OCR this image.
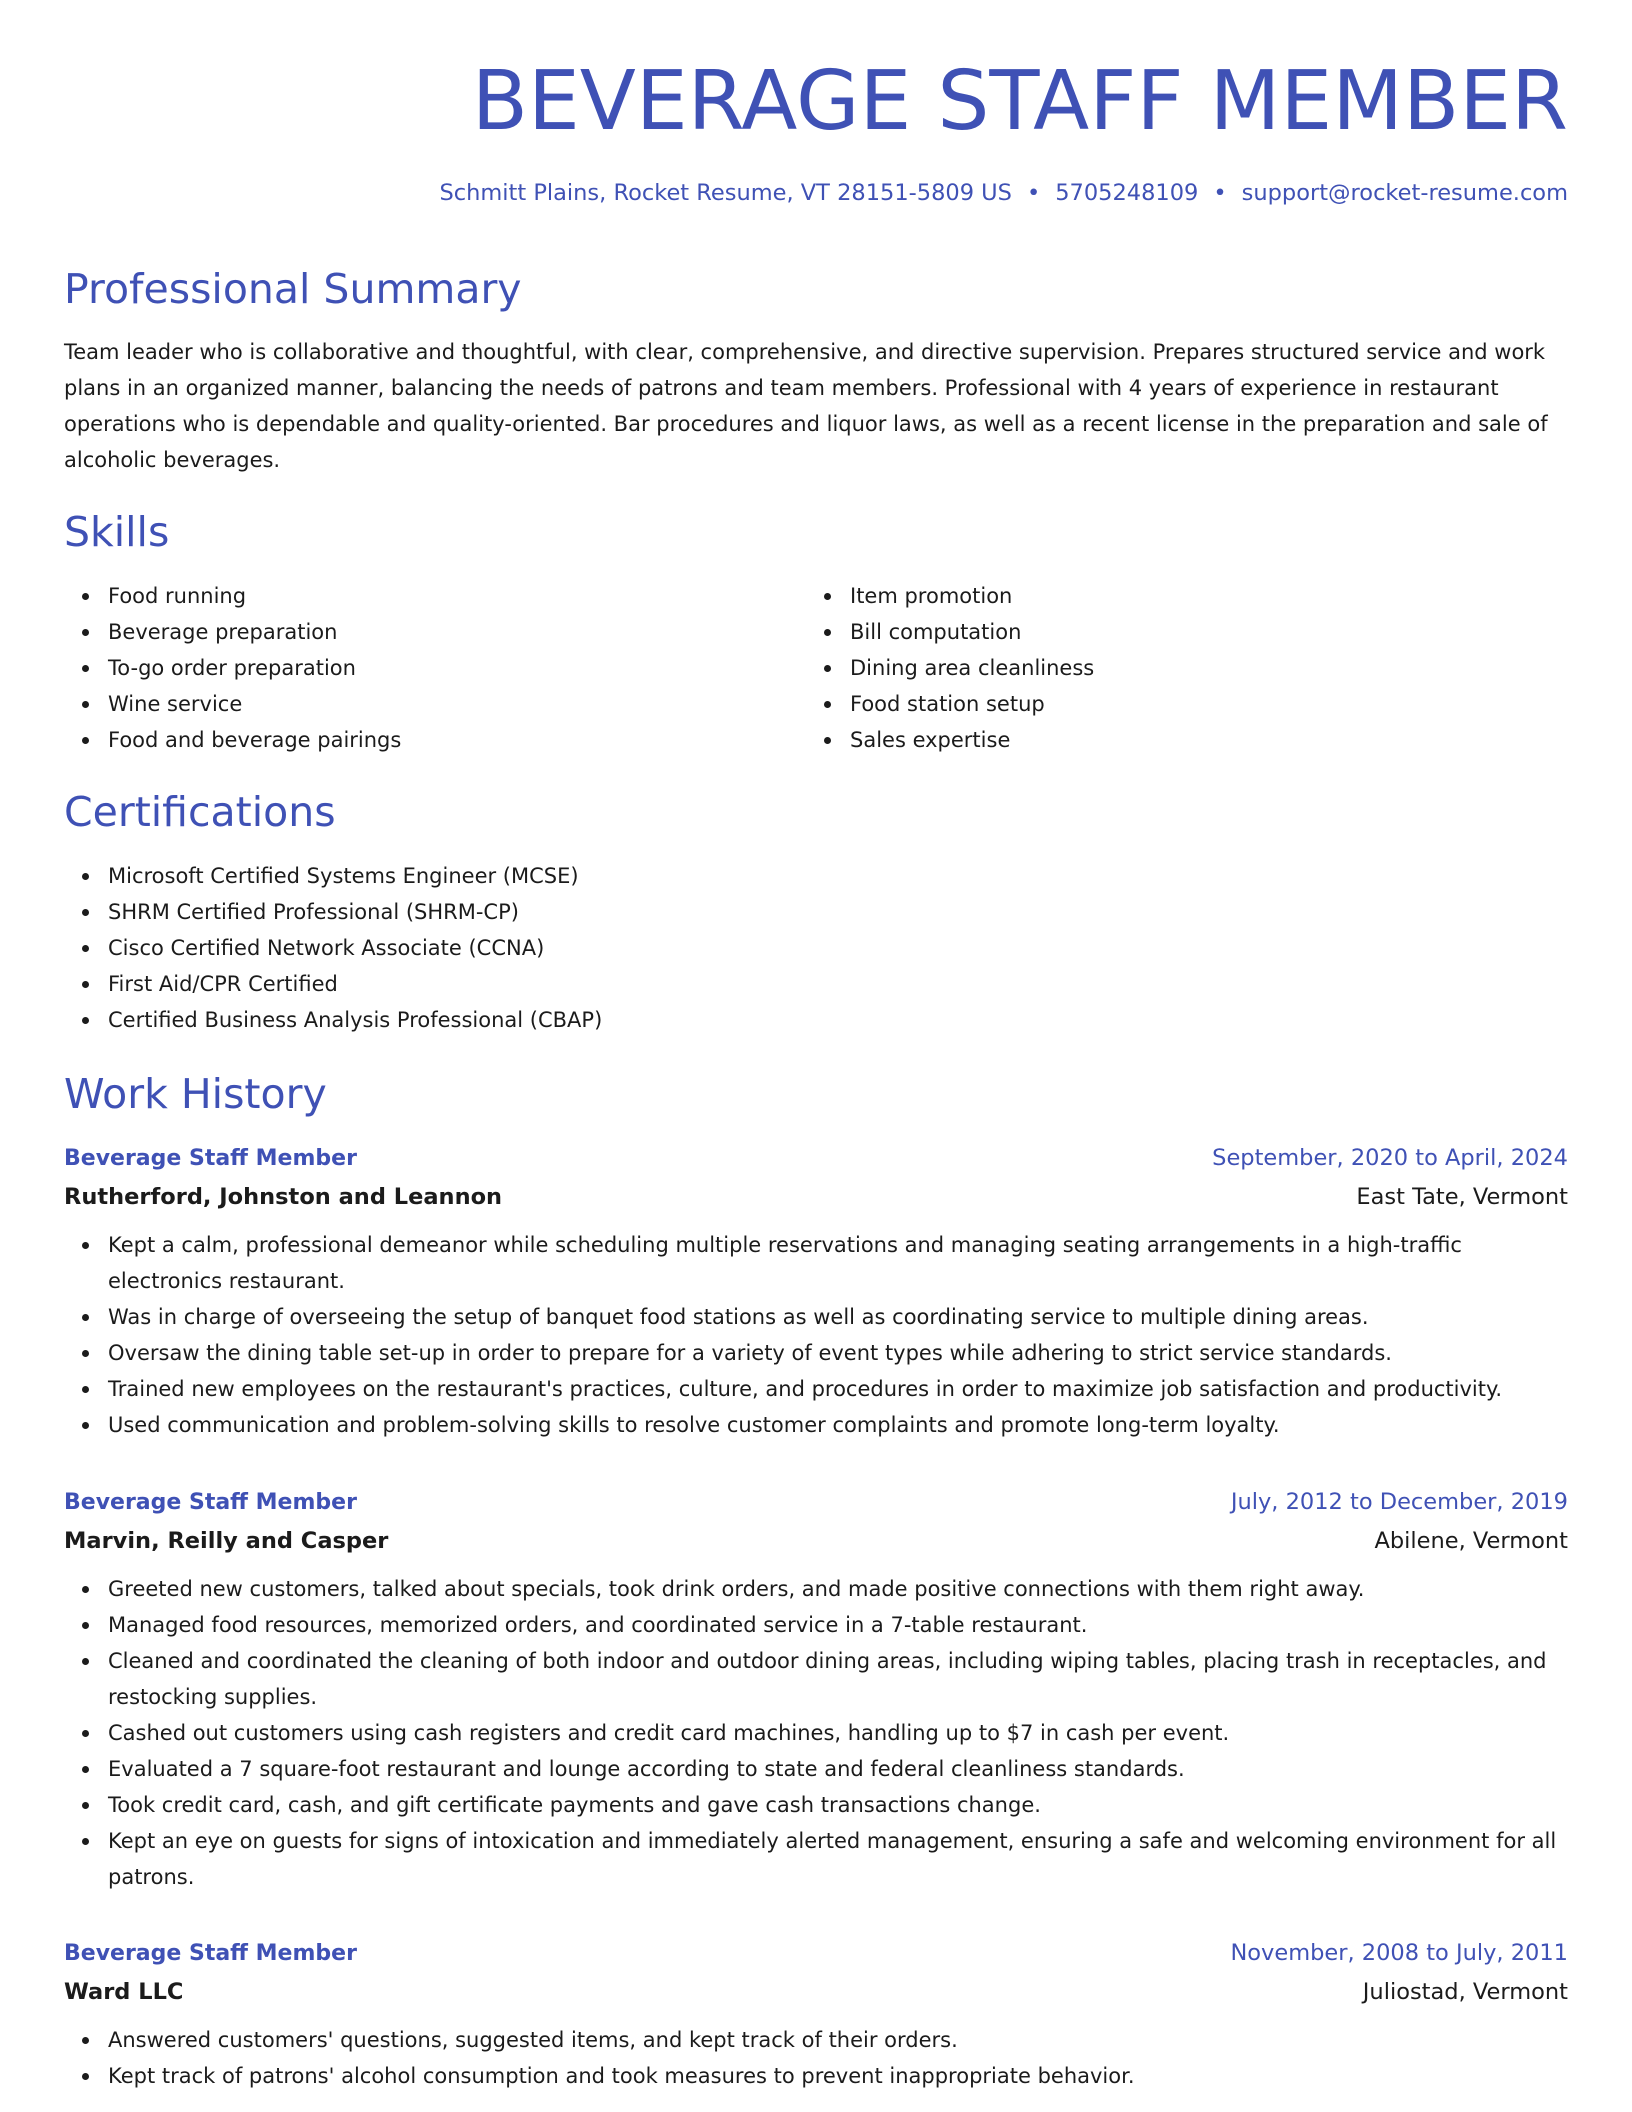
BEVERAGE STAFF MEMBER
Schmitt Plains, Rocket Resume, VT 28151-5809 US • 5705248109 • support@rocket-resume.com
Professional Summary

Team leader who is collaborative and thoughtful, with clear, comprehensive, and directive supervision. Prepares structured service and work plans in an organized manner, balancing the needs of patrons and team members. Professional with 4 years of experience in restaurant operations who is dependable and quality-oriented. Bar procedures and liquor laws, as well as a recent license in the preparation and sale of alcoholic beverages.

Skills
Food running
Beverage preparation
To-go order preparation
Wine service
Food and beverage pairings
Item promotion
Bill computation
Dining area cleanliness
Food station setup
Sales expertise
Certifications
Microsoft Certified Systems Engineer (MCSE)
SHRM Certified Professional (SHRM-CP)
Cisco Certified Network Associate (CCNA)
First Aid/CPR Certified
Certified Business Analysis Professional (CBAP)
Work History
Beverage Staff Member	September, 2020 to April, 2024
Rutherford, Johnston and Leannon	East Tate, Vermont
Kept a calm, professional demeanor while scheduling multiple reservations and managing seating arrangements in a high-traffic electronics restaurant.
Was in charge of overseeing the setup of banquet food stations as well as coordinating service to multiple dining areas.
Oversaw the dining table set-up in order to prepare for a variety of event types while adhering to strict service standards.
Trained new employees on the restaurant's practices, culture, and procedures in order to maximize job satisfaction and productivity.
Used communication and problem-solving skills to resolve customer complaints and promote long-term loyalty.
Beverage Staff Member	July, 2012 to December, 2019
Marvin, Reilly and Casper	Abilene, Vermont
Greeted new customers, talked about specials, took drink orders, and made positive connections with them right away.
Managed food resources, memorized orders, and coordinated service in a 7-table restaurant.
Cleaned and coordinated the cleaning of both indoor and outdoor dining areas, including wiping tables, placing trash in receptacles, and restocking supplies.
Cashed out customers using cash registers and credit card machines, handling up to $7 in cash per event.
Evaluated a 7 square-foot restaurant and lounge according to state and federal cleanliness standards.
Took credit card, cash, and gift certificate payments and gave cash transactions change.
Kept an eye on guests for signs of intoxication and immediately alerted management, ensuring a safe and welcoming environment for all patrons.
Beverage Staff Member	November, 2008 to July, 2011
Ward LLC	Juliostad, Vermont
Answered customers' questions, suggested items, and kept track of their orders.
Kept track of patrons' alcohol consumption and took measures to prevent inappropriate behavior.
